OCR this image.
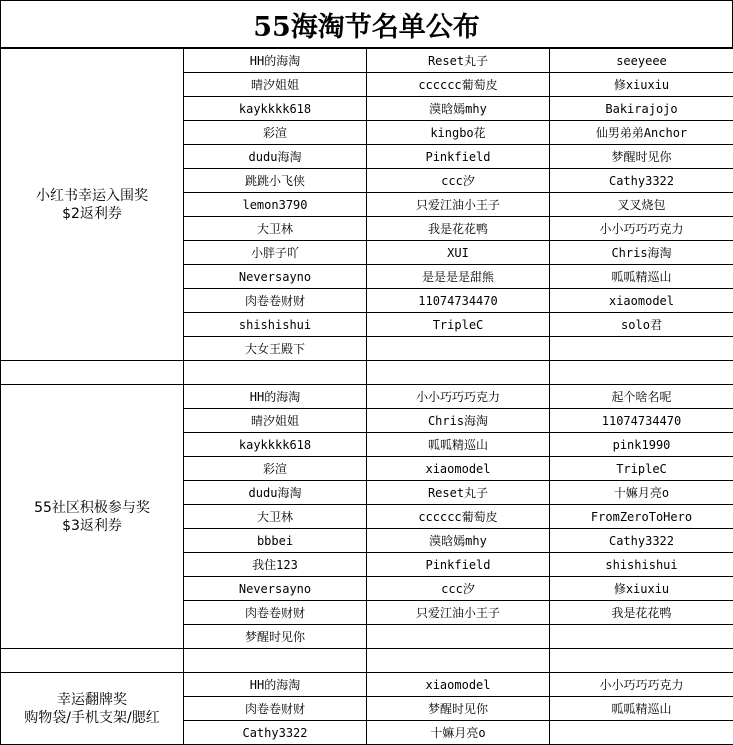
55海淘节名单公布
小红书幸运入围奖
$2返利券	HH的海淘	Reset丸子	seeyeee
	晴汐姐姐	cccccc葡萄皮	修xiuxiu
	kaykkkk618	漠晗嫣mhy	Bakirajojo
	彩渲	kingbo花	仙男弟弟Anchor
	dudu海淘	Pinkfield	梦醒时见你
	跳跳小飞侠	ccc汐	Cathy3322
	lemon3790	只爱江油小王子	叉叉烧包
	大卫林	我是花花鸭	小小巧巧巧克力
	小胖子吖	XUI	Chris海淘
	Neversayno	是是是是甜熊	呱呱精巡山
	肉卷卷财财	11074734470	xiaomodel
	shishishui	TripleC	solo君
	大女王殿下		

55社区积极参与奖
$3返利券	HH的海淘	小小巧巧巧克力	起个啥名呢
	晴汐姐姐	Chris海淘	11074734470
	kaykkkk618	呱呱精巡山	pink1990
	彩渲	xiaomodel	TripleC
	dudu海淘	Reset丸子	十嫲月亮o
	大卫林	cccccc葡萄皮	FromZeroToHero
	bbbei	漠晗嫣mhy	Cathy3322
	我住123	Pinkfield	shishishui
	Neversayno	ccc汐	修xiuxiu
	肉卷卷财财	只爱江油小王子	我是花花鸭
	梦醒时见你		

幸运翻牌奖
购物袋/手机支架/腮红	HH的海淘	xiaomodel	小小巧巧巧克力
	肉卷卷财财	梦醒时见你	呱呱精巡山
	Cathy3322	十嫲月亮o	
